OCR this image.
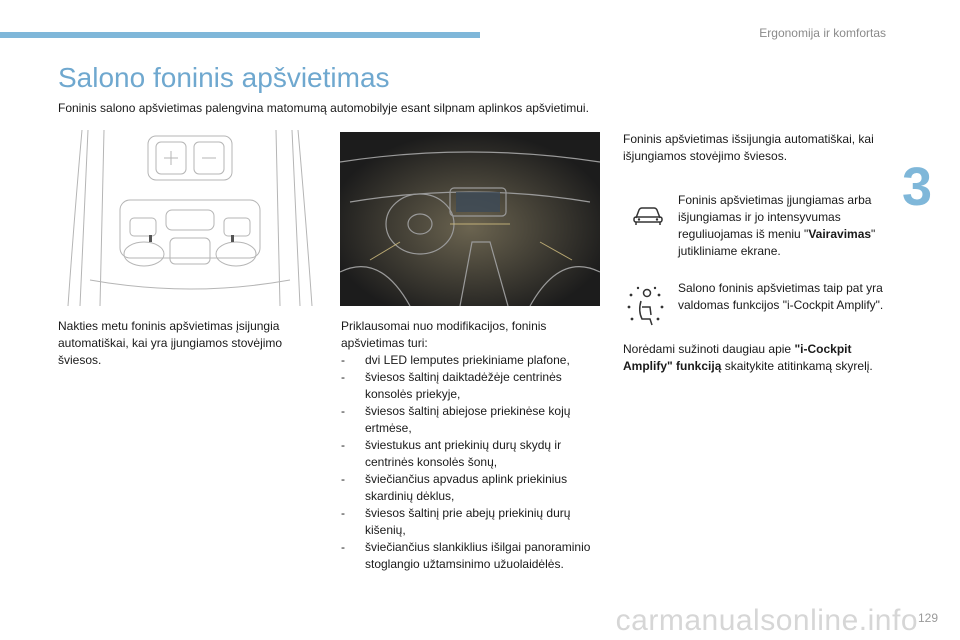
Ergonomija ir komfortas
3
Salono foninis apšvietimas
Foninis salono apšvietimas palengvina matomumą automobilyje esant silpnam aplinkos apšvietimui.
Nakties metu foninis apšvietimas įsijungia automatiškai, kai yra įjungiamos stovėjimo šviesos.
Priklausomai nuo modifikacijos, foninis apšvietimas turi:
- dvi LED lemputes priekiniame plafone,
- šviesos šaltinį daiktadėžėje centrinės konsolės priekyje,
- šviesos šaltinį abiejose priekinėse kojų ertmėse,
- šviestukus ant priekinių durų skydų ir centrinės konsolės šonų,
- šviečiančius apvadus aplink priekinius skardinių dėklus,
- šviesos šaltinį prie abejų priekinių durų kišenių,
- šviečiančius slankiklius išilgai panoraminio stoglangio užtamsinimo užuolaidėlės.
Foninis apšvietimas išsijungia automatiškai, kai išjungiamos stovėjimo šviesos.
Foninis apšvietimas įjungiamas arba išjungiamas ir jo intensyvumas reguliuojamas iš meniu "Vairavimas" jutikliniame ekrane.
Salono foninis apšvietimas taip pat yra valdomas funkcijos "i-Cockpit Amplify".
Norėdami sužinoti daugiau apie "i-Cockpit Amplify" funkciją skaitykite atitinkamą skyrelį.
carmanualsonline.info 129
